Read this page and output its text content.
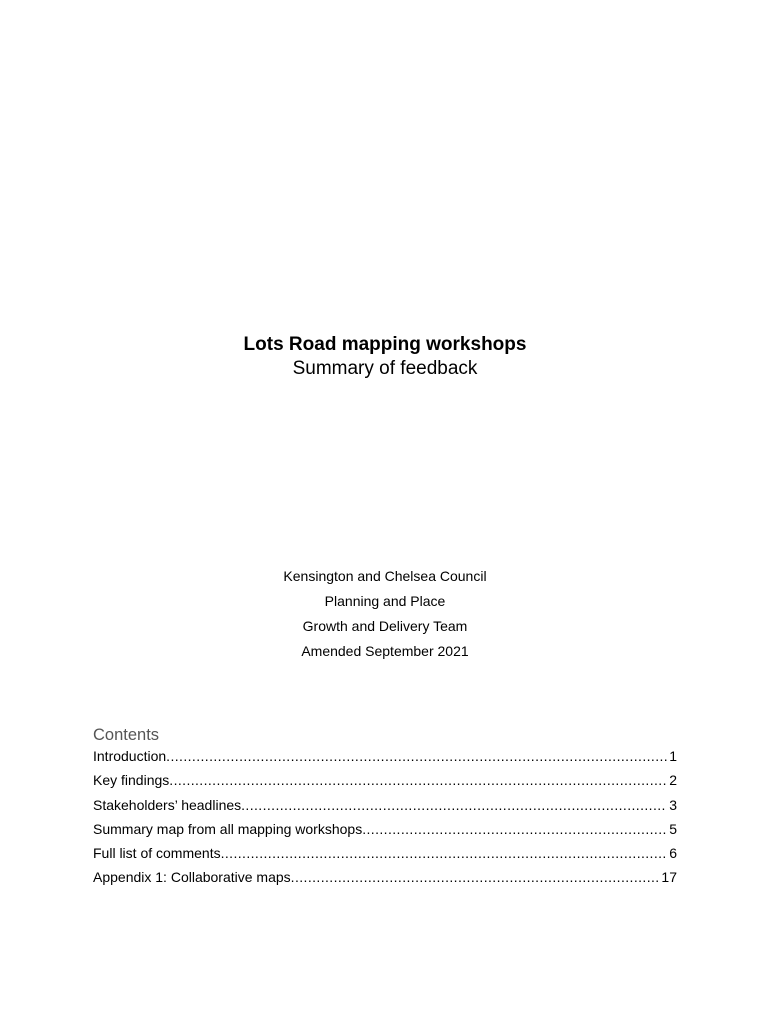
Lots Road mapping workshops

Summary of feedback

Kensington and Chelsea Council
Planning and Place
Growth and Delivery Team
Amended September 2021
Contents
Introduction .....	1
Key findings .....	2
Stakeholders’ headlines .....	3
Summary map from all mapping workshops .....	5
Full list of comments .....	6
Appendix 1: Collaborative maps .....	17
